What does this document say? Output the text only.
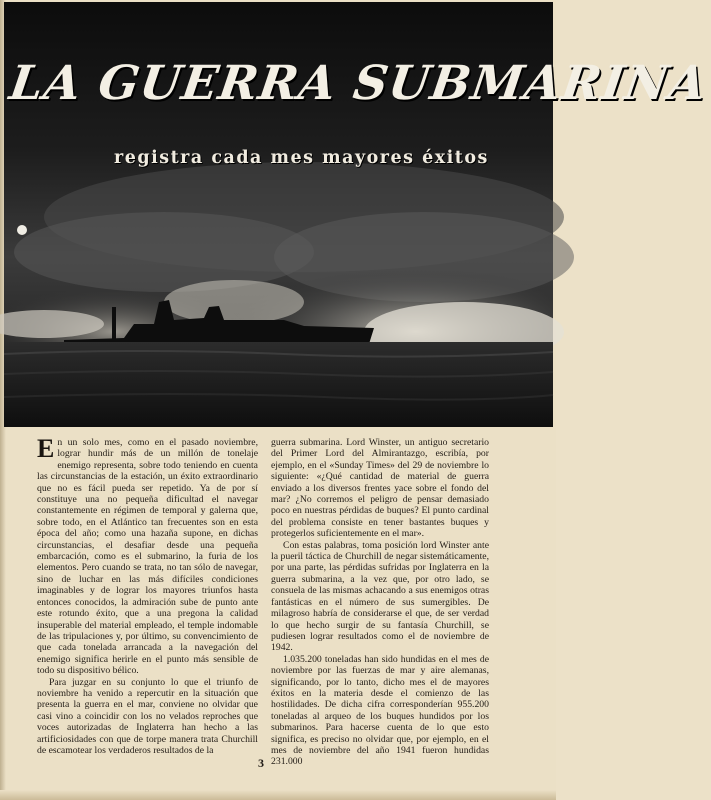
LA GUERRA SUBMARINA
registra cada mes mayores éxitos

En un solo mes, como en el pasado noviembre, lograr hundir más de un millón de tonelaje enemigo representa, sobre todo teniendo en cuenta las circunstancias de la estación, un éxito extraordinario que no es fácil pueda ser repetido. Ya de por sí constituye una no pequeña dificultad el navegar constantemente en régimen de temporal y galerna que, sobre todo, en el Atlántico tan frecuentes son en esta época del año; como una hazaña supone, en dichas circunstancias, el desafiar desde una pequeña embarcación, como es el submarino, la furia de los elementos. Pero cuando se trata, no tan sólo de navegar, sino de luchar en las más difíciles condiciones imaginables y de lograr los mayores triunfos hasta entonces conocidos, la admiración sube de punto ante este rotundo éxito, que a una pregona la calidad insuperable del material empleado, el temple indomable de las tripulaciones y, por último, su convencimiento de que cada tonelada arrancada a la navegación del enemigo significa herirle en el punto más sensible de todo su dispositivo bélico.

Para juzgar en su conjunto lo que el triunfo de noviembre ha venido a repercutir en la situación que presenta la guerra en el mar, conviene no olvidar que casi vino a coincidir con los no velados reproches que voces autorizadas de Inglaterra han hecho a las artificiosidades con que de torpe manera trata Churchill de escamotear los verdaderos resultados de la

guerra submarina. Lord Winster, un antiguo secretario del Primer Lord del Almirantazgo, escribía, por ejemplo, en el «Sunday Times» del 29 de noviembre lo siguiente: «¿Qué cantidad de material de guerra enviado a los diversos frentes yace sobre el fondo del mar? ¿No corremos el peligro de pensar demasiado poco en nuestras pérdidas de buques? El punto cardinal del problema consiste en tener bastantes buques y protegerlos suficientemente en el mar».

Con estas palabras, toma posición lord Winster ante la pueril táctica de Churchill de negar sistemáticamente, por una parte, las pérdidas sufridas por Inglaterra en la guerra submarina, a la vez que, por otro lado, se consuela de las mismas achacando a sus enemigos otras fantásticas en el número de sus sumergibles. De milagroso habría de considerarse el que, de ser verdad lo que hecho surgir de su fantasía Churchill, se pudiesen lograr resultados como el de noviembre de 1942.

1.035.200 toneladas han sido hundidas en el mes de noviembre por las fuerzas de mar y aire alemanas, significando, por lo tanto, dicho mes el de mayores éxitos en la materia desde el comienzo de las hostilidades. De dicha cifra corresponderían 955.200 toneladas al arqueo de los buques hundidos por los submarinos. Para hacerse cuenta de lo que esto significa, es preciso no olvidar que, por ejemplo, en el mes de noviembre del año 1941 fueron hundidas 231.000

3
